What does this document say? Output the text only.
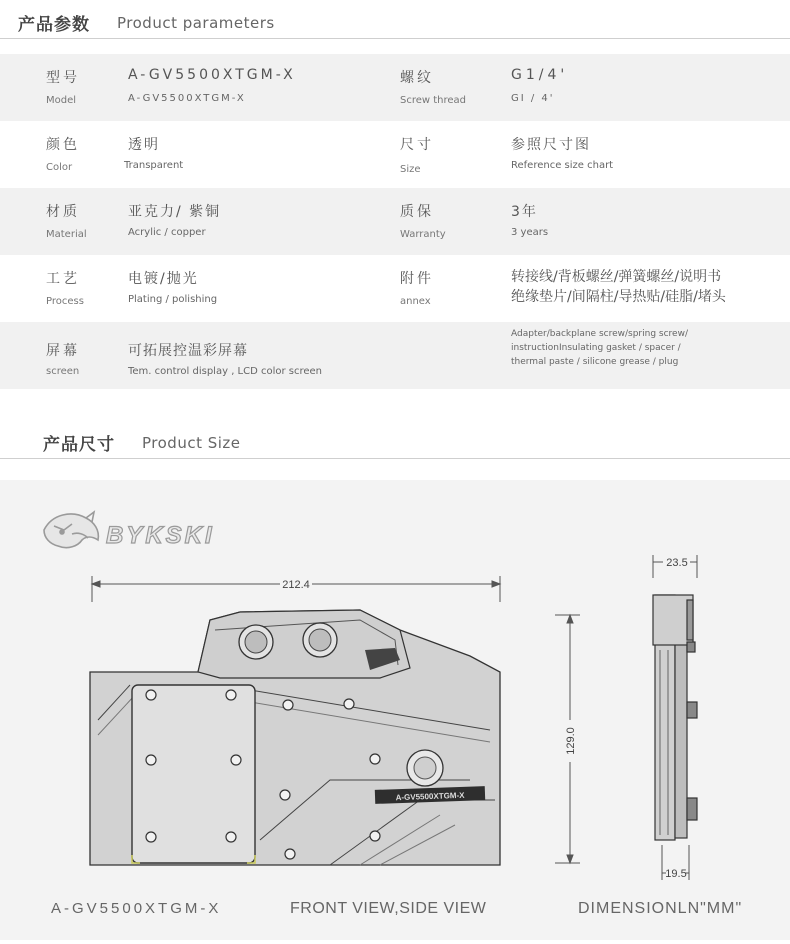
产品参数 Product parameters
型号
Model
A-GV5500XTGM-X
A-GV5500XTGM-X
螺纹
Screw thread
G1/4'
GI / 4'
颜色
Color
透明
Transparent
尺寸
Size
参照尺寸图
Reference size chart
材质
Material
亚克力/ 紫铜
Acrylic / copper
质保
Warranty
3年
3 years
工艺
Process
电镀/抛光
Plating / polishing
附件
annex
转接线/背板螺丝/弹簧螺丝/说明书
绝缘垫片/间隔柱/导热贴/硅脂/堵头
屏幕
screen
可拓展控温彩屏幕
Tem. control display , LCD color screen
Adapter/backplane screw/spring screw/
instructionInsulating gasket / spacer /
thermal paste / silicone grease / plug
产品尺寸 Product Size
BYKSKI
212.4
A-GV5500XTGM-X
129.0
23.5
19.5
A-GV5500XTGM-X	FRONT VIEW,SIDE VIEW	DIMENSIONLN"MM"
